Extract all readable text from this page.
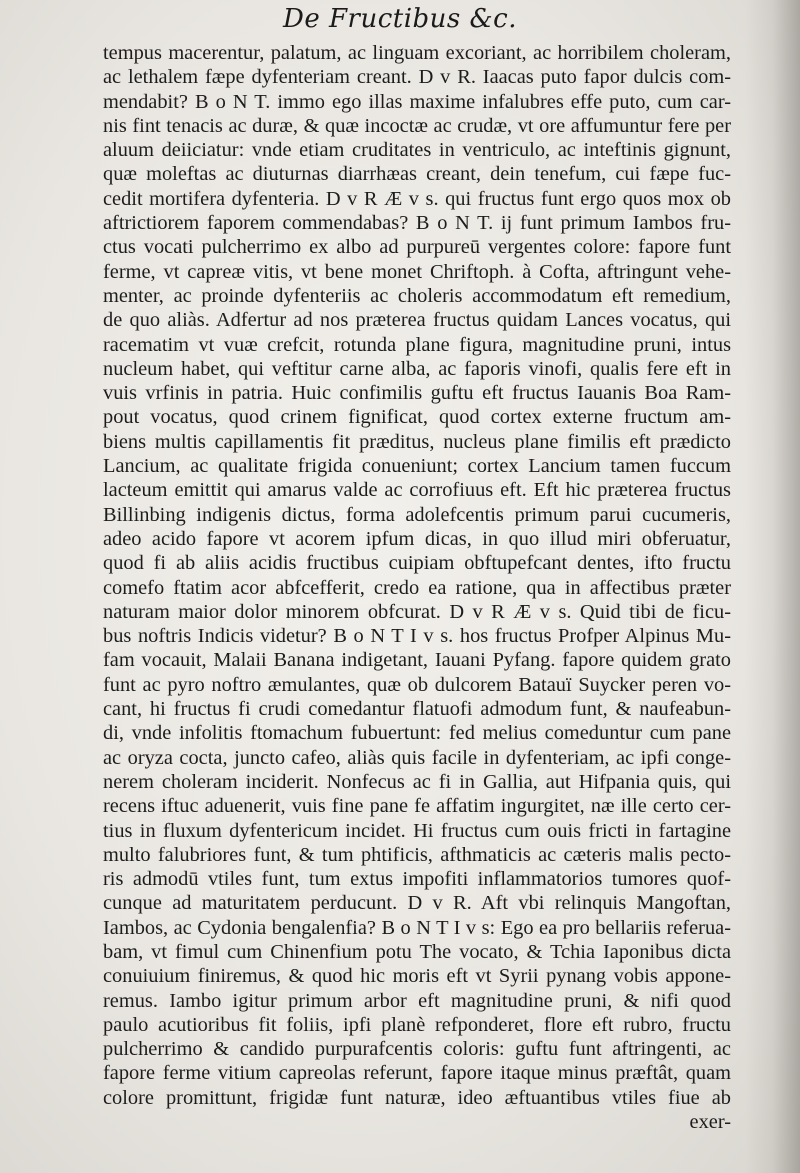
De Fructibus &c.
tempus macerentur, palatum, ac linguam excoriant, ac horribilem choleram,
ac lethalem fæpe dyfenteriam creant. D v R. Iaacas puto fapor dulcis com-
mendabit? B o N T. immo ego illas maxime infalubres effe puto, cum car-
nis fint tenacis ac duræ, & quæ incoctæ ac crudæ, vt ore affumuntur fere per
aluum deiiciatur: vnde etiam cruditates in ventriculo, ac inteftinis gignunt,
quæ moleftas ac diuturnas diarrhæas creant, dein tenefum, cui fæpe fuc-
cedit mortifera dyfenteria. D v R Æ v s. qui fructus funt ergo quos mox ob
aftrictiorem faporem commendabas? B o N T. ij funt primum Iambos fru-
ctus vocati pulcherrimo ex albo ad purpureū vergentes colore: fapore funt
ferme, vt capreæ vitis, vt bene monet Chriftoph. à Cofta, aftringunt vehe-
menter, ac proinde dyfenteriis ac choleris accommodatum eft remedium,
de quo aliàs. Adfertur ad nos præterea fructus quidam Lances vocatus, qui
racematim vt vuæ crefcit, rotunda plane figura, magnitudine pruni, intus
nucleum habet, qui veftitur carne alba, ac faporis vinofi, qualis fere eft in
vuis vrfinis in patria. Huic confimilis guftu eft fructus Iauanis Boa Ram-
pout vocatus, quod crinem fignificat, quod cortex externe fructum am-
biens multis capillamentis fit præditus, nucleus plane fimilis eft prædicto
Lancium, ac qualitate frigida conueniunt; cortex Lancium tamen fuccum
lacteum emittit qui amarus valde ac corrofiuus eft. Eft hic præterea fructus
Billinbing indigenis dictus, forma adolefcentis primum parui cucumeris,
adeo acido fapore vt acorem ipfum dicas, in quo illud miri obferuatur,
quod fi ab aliis acidis fructibus cuipiam obftupefcant dentes, ifto fructu
comefo ftatim acor abfcefferit, credo ea ratione, qua in affectibus præter
naturam maior dolor minorem obfcurat. D v R Æ v s. Quid tibi de ficu-
bus noftris Indicis videtur? B o N T I v s. hos fructus Profper Alpinus Mu-
fam vocauit, Malaii Banana indigetant, Iauani Pyfang. fapore quidem grato
funt ac pyro noftro æmulantes, quæ ob dulcorem Batauï Suycker peren vo-
cant, hi fructus fi crudi comedantur flatuofi admodum funt, & naufeabun-
di, vnde infolitis ftomachum fubuertunt: fed melius comeduntur cum pane
ac oryza cocta, juncto cafeo, aliàs quis facile in dyfenteriam, ac ipfi conge-
nerem choleram inciderit. Nonfecus ac fi in Gallia, aut Hifpania quis, qui
recens iftuc aduenerit, vuis fine pane fe affatim ingurgitet, næ ille certo cer-
tius in fluxum dyfentericum incidet. Hi fructus cum ouis fricti in fartagine
multo falubriores funt, & tum phtificis, afthmaticis ac cæteris malis pecto-
ris admodū vtiles funt, tum extus impofiti inflammatorios tumores quof-
cunque ad maturitatem perducunt. D v R. Aft vbi relinquis Mangoftan,
Iambos, ac Cydonia bengalenfia? B o N T I v s: Ego ea pro bellariis referua-
bam, vt fimul cum Chinenfium potu The vocato, & Tchia Iaponibus dicta
conuiuium finiremus, & quod hic moris eft vt Syrii pynang vobis appone-
remus. Iambo igitur primum arbor eft magnitudine pruni, & nifi quod
paulo acutioribus fit foliis, ipfi planè refponderet, flore eft rubro, fructu
pulcherrimo & candido purpurafcentis coloris: guftu funt aftringenti, ac
fapore ferme vitium capreolas referunt, fapore itaque minus præftât, quam
colore promittunt, frigidæ funt naturæ, ideo æftuantibus vtiles fiue ab
exer-
